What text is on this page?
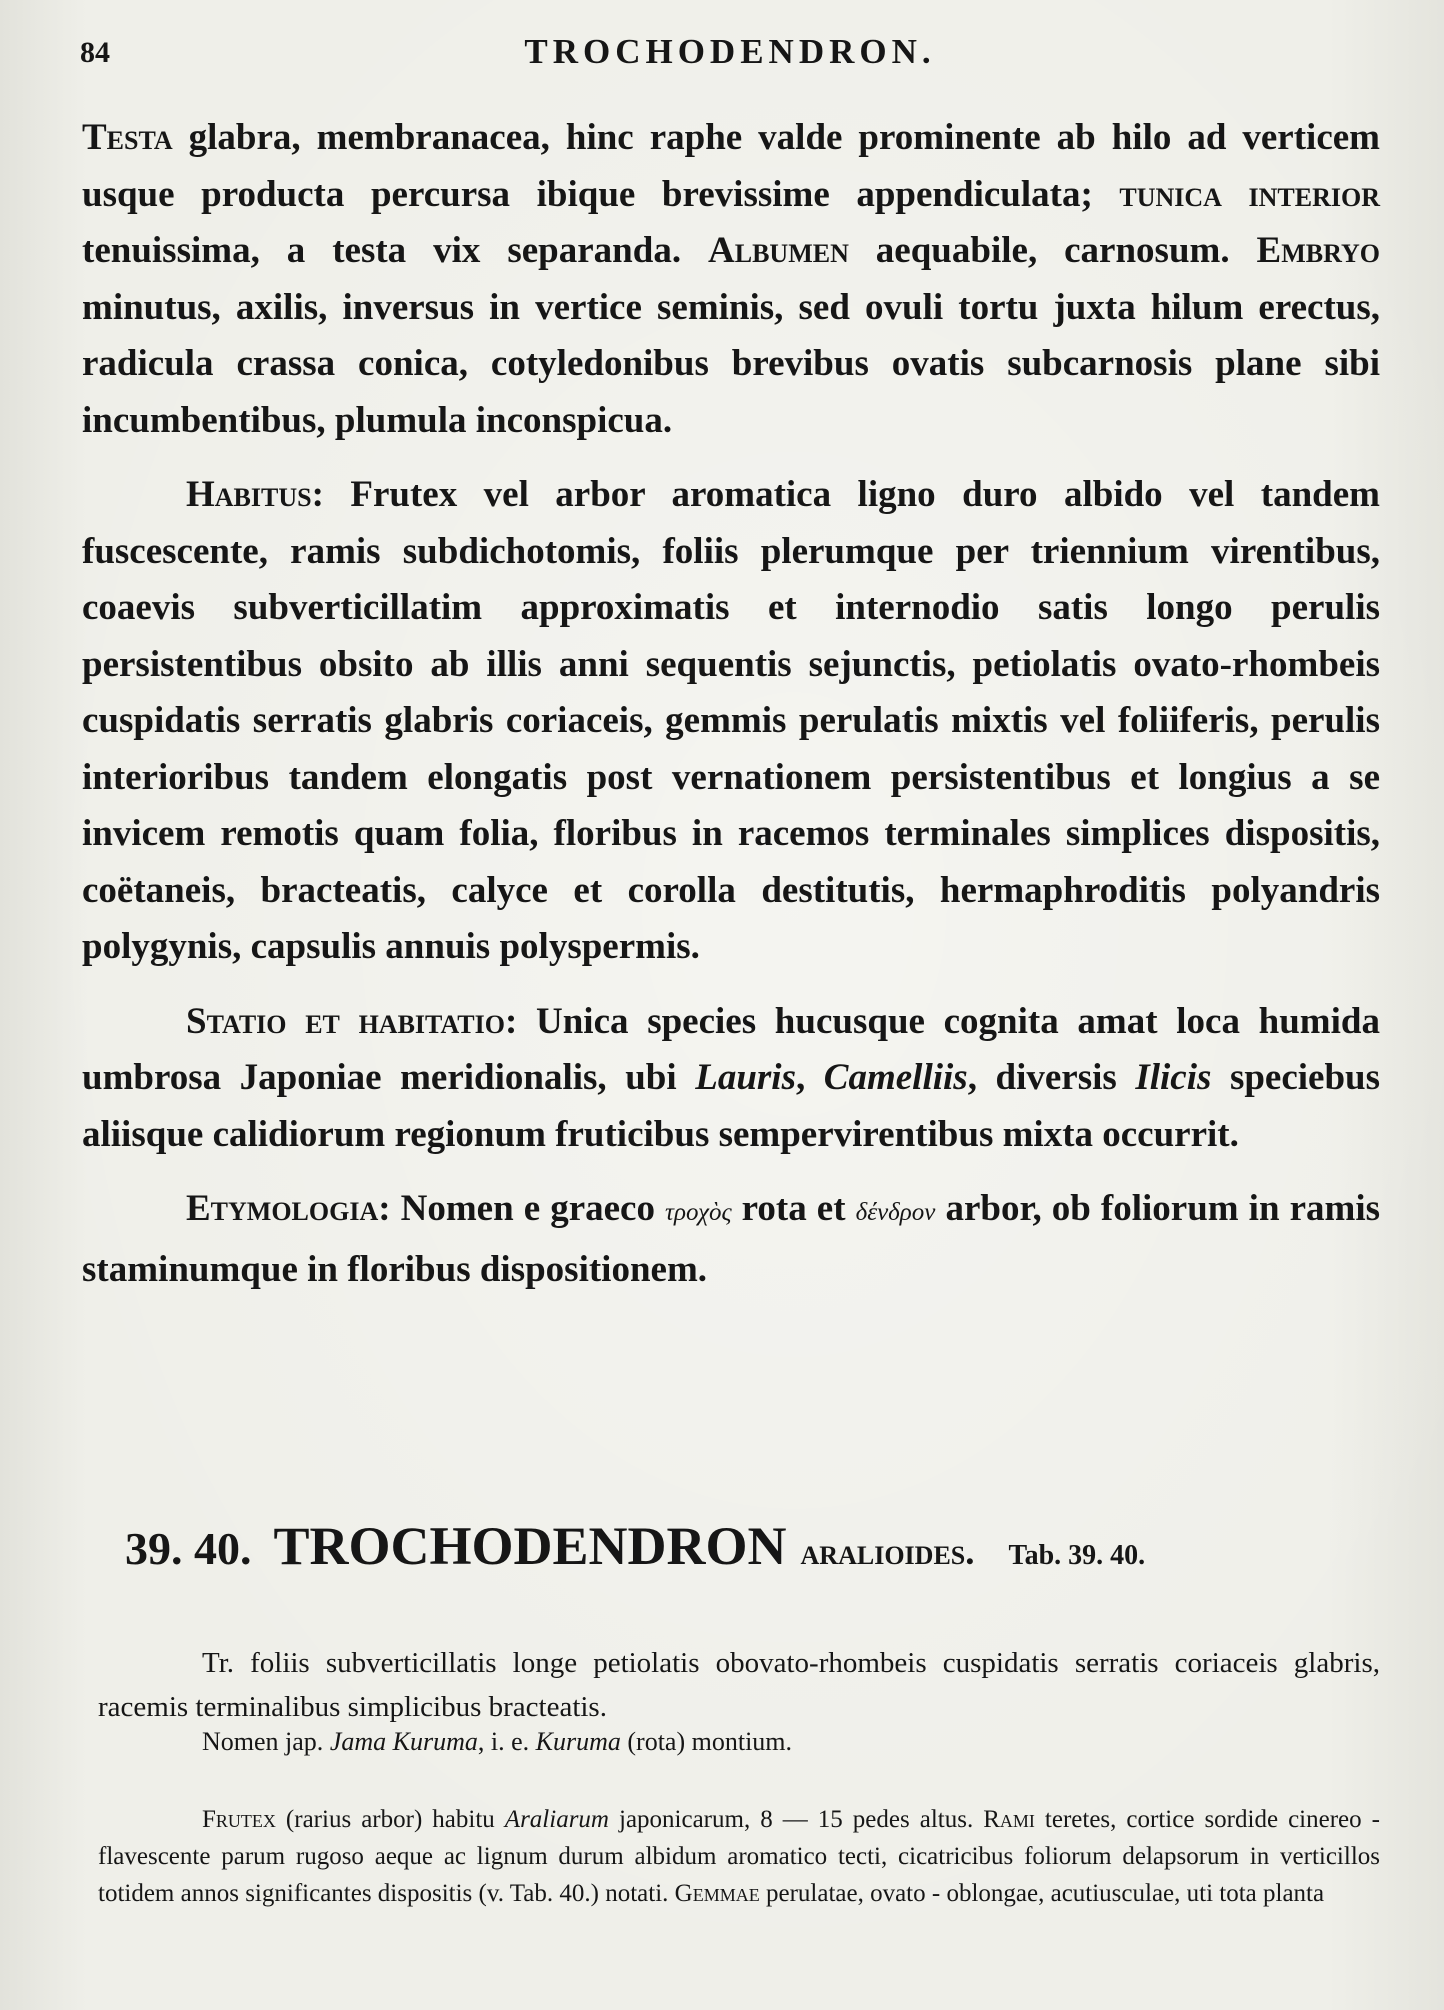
84	TROCHODENDRON.

Testa glabra, membranacea, hinc raphe valde prominente ab hilo ad verticem usque producta percursa ibique brevissime appendiculata; tunica interior tenuissima, a testa vix separanda. Albumen aequabile, carnosum. Embryo minutus, axilis, inversus in vertice seminis, sed ovuli tortu juxta hilum erectus, radicula crassa conica, cotyledonibus brevibus ovatis subcarnosis plane sibi incumbentibus, plumula inconspicua.

Habitus: Frutex vel arbor aromatica ligno duro albido vel tandem fuscescente, ramis subdichotomis, foliis plerumque per triennium virentibus, coaevis subverticillatim approximatis et internodio satis longo perulis persistentibus obsito ab illis anni sequentis sejunctis, petiolatis ovato-rhombeis cuspidatis serratis glabris coriaceis, gemmis perulatis mixtis vel foliiferis, perulis interioribus tandem elongatis post vernationem persistentibus et longius a se invicem remotis quam folia, floribus in racemos terminales simplices dispositis, coëtaneis, bracteatis, calyce et corolla destitutis, hermaphroditis polyandris polygynis, capsulis annuis polyspermis.

Statio et habitatio: Unica species hucusque cognita amat loca humida umbrosa Japoniae meridionalis, ubi Lauris, Camelliis, diversis Ilicis speciebus aliisque calidiorum regionum fruticibus sempervirentibus mixta occurrit.

Etymologia: Nomen e graeco τροχὸς rota et δένδρον arbor, ob foliorum in ramis staminumque in floribus dispositionem.

39. 40. TROCHODENDRON aralioides. Tab. 39. 40.

Tr. foliis subverticillatis longe petiolatis obovato-rhombeis cuspidatis serratis coriaceis glabris, racemis terminalibus simplicibus bracteatis.

Nomen jap. Jama Kuruma, i. e. Kuruma (rota) montium.

Frutex (rarius arbor) habitu Araliarum japonicarum, 8 — 15 pedes altus. Rami teretes, cortice sordide cinereo - flavescente parum rugoso aeque ac lignum durum albidum aromatico tecti, cicatricibus foliorum delapsorum in verticillos totidem annos significantes dispositis (v. Tab. 40.) notati. Gemmae perulatae, ovato - oblongae, acutiusculae, uti tota planta
